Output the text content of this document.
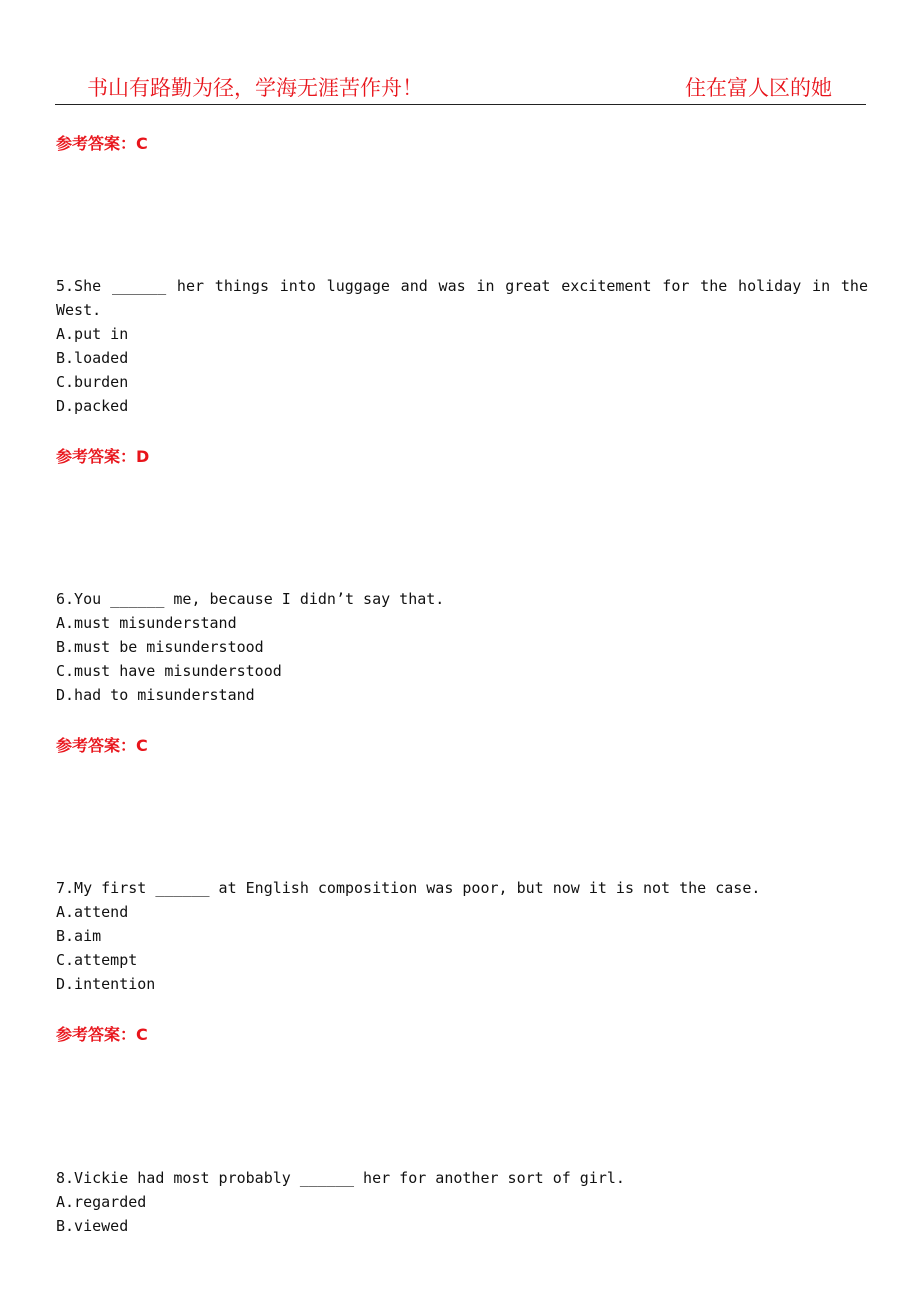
书山有路勤为径，学海无涯苦作舟！	住在富人区的她
参考答案：C
5.She ______ her things into luggage and was in great excitement for the holiday in the West.
A.put in
B.loaded
C.burden
D.packed
参考答案：D
6.You ______ me, because I didn’t say that.
A.must misunderstand
B.must be misunderstood
C.must have misunderstood
D.had to misunderstand
参考答案：C
7.My first ______ at English composition was poor, but now it is not the case.
A.attend
B.aim
C.attempt
D.intention
参考答案：C
8.Vickie had most probably ______ her for another sort of girl.
A.regarded
B.viewed
